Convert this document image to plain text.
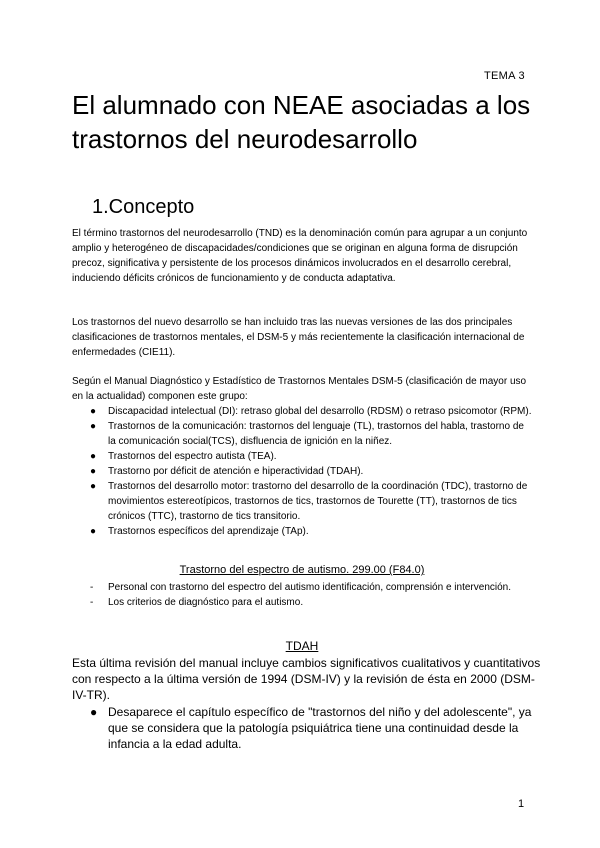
TEMA 3
El alumnado con NEAE asociadas a los trastornos del neurodesarrollo
1.Concepto

El término trastornos del neurodesarrollo (TND) es la denominación común para agrupar a un conjunto amplio y heterogéneo de discapacidades/condiciones que se originan en alguna forma de disrupción precoz, significativa y persistente de los procesos dinámicos involucrados en el desarrollo cerebral, induciendo déficits crónicos de funcionamiento y de conducta adaptativa.

Los trastornos del nuevo desarrollo se han incluido tras las nuevas versiones de las dos principales clasificaciones de trastornos mentales, el DSM-5 y más recientemente la clasificación internacional de enfermedades (CIE11).

Según el Manual Diagnóstico y Estadístico de Trastornos Mentales DSM-5 (clasificación de mayor uso en la actualidad) componen este grupo:

● Discapacidad intelectual (DI): retraso global del desarrollo (RDSM) o retraso psicomotor (RPM).
● Trastornos de la comunicación: trastornos del lenguaje (TL), trastornos del habla, trastorno de la comunicación social(TCS), disfluencia de ignición en la niñez.
● Trastornos del espectro autista (TEA).
● Trastorno por déficit de atención e hiperactividad (TDAH).
● Trastornos del desarrollo motor: trastorno del desarrollo de la coordinación (TDC), trastorno de movimientos estereotípicos, trastornos de tics, trastornos de Tourette (TT), trastornos de tics crónicos (TTC), trastorno de tics transitorio.
● Trastornos específicos del aprendizaje (TAp).

Trastorno del espectro de autismo. 299.00 (F84.0)

- Personal con trastorno del espectro del autismo identificación, comprensión e intervención.
- Los criterios de diagnóstico para el autismo.

TDAH

Esta última revisión del manual incluye cambios significativos cualitativos y cuantitativos con respecto a la última versión de 1994 (DSM-IV) y la revisión de ésta en 2000 (DSM-IV-TR).

● Desaparece el capítulo específico de "trastornos del niño y del adolescente", ya que se considera que la patología psiquiátrica tiene una continuidad desde la infancia a la edad adulta.
1
